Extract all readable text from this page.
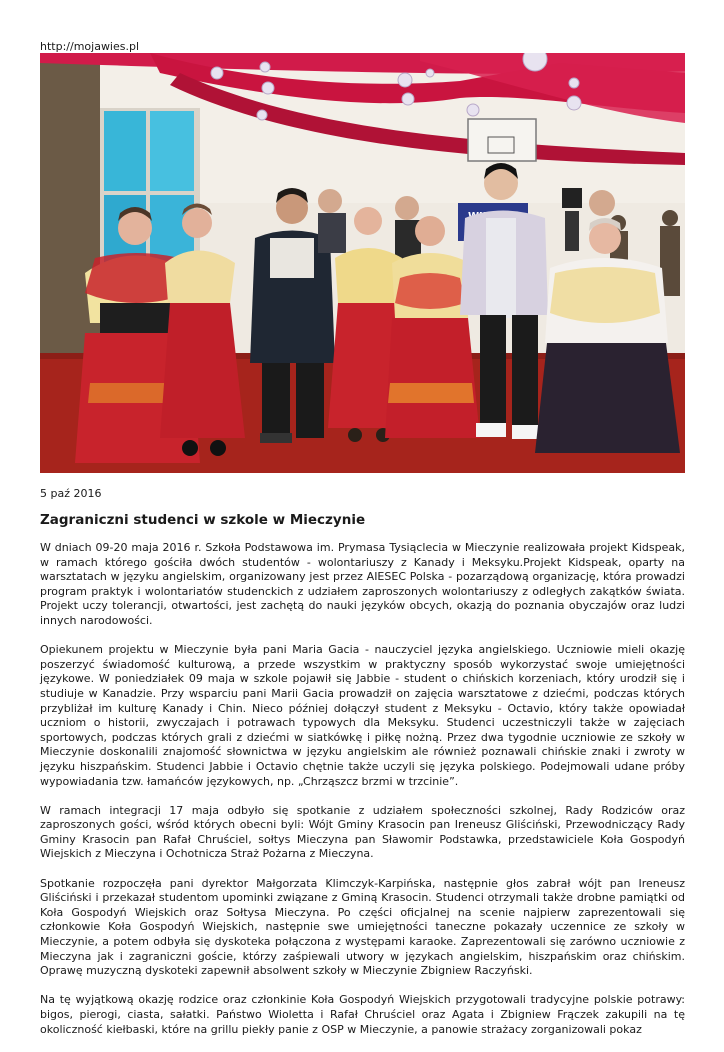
http://mojawies.pl
5 paź 2016
Zagraniczni studenci w szkole w Mieczynie

W dniach 09-20 maja 2016 r. Szkoła Podstawowa im. Prymasa Tysiąclecia w Mieczynie realizowała projekt Kidspeak, w ramach którego gościła dwóch studentów - wolontariuszy z Kanady i Meksyku.Projekt Kidspeak, oparty na warsztatach w języku angielskim, organizowany jest przez AIESEC Polska - pozarządową organizację, która prowadzi program praktyk i wolontariatów studenckich z udziałem zaproszonych wolontariuszy z odległych zakątków świata. Projekt uczy tolerancji, otwartości, jest zachętą do nauki języków obcych, okazją do poznania obyczajów oraz ludzi innych narodowości.

Opiekunem projektu w Mieczynie była pani Maria Gacia - nauczyciel języka angielskiego. Uczniowie mieli okazję poszerzyć świadomość kulturową, a przede wszystkim w praktyczny sposób wykorzystać swoje umiejętności językowe. W poniedziałek 09 maja w szkole pojawił się Jabbie - student o chińskich korzeniach, który urodził się i studiuje w Kanadzie. Przy wsparciu pani Marii Gacia prowadził on zajęcia warsztatowe z dziećmi, podczas których przybliżał im kulturę Kanady i Chin. Nieco później dołączył student z Meksyku - Octavio, który także opowiadał uczniom o historii, zwyczajach i potrawach typowych dla Meksyku. Studenci uczestniczyli także w zajęciach sportowych, podczas których grali z dziećmi w siatkówkę i piłkę nożną. Przez dwa tygodnie uczniowie ze szkoły w Mieczynie doskonalili znajomość słownictwa w języku angielskim ale również poznawali chińskie znaki i zwroty w języku hiszpańskim. Studenci Jabbie i Octavio chętnie także uczyli się języka polskiego. Podejmowali udane próby wypowiadania tzw. łamańców językowych, np. „Chrząszcz brzmi w trzcinie”.

W ramach integracji 17 maja odbyło się spotkanie z udziałem społeczności szkolnej, Rady Rodziców oraz zaproszonych gości, wśród których obecni byli: Wójt Gminy Krasocin pan Ireneusz Gliściński, Przewodniczący Rady Gminy Krasocin pan Rafał Chruściel, sołtys Mieczyna pan Sławomir Podstawka, przedstawiciele Koła Gospodyń Wiejskich z Mieczyna i Ochotnicza Straż Pożarna z Mieczyna.

Spotkanie rozpoczęła pani dyrektor Małgorzata Klimczyk-Karpińska, następnie głos zabrał wójt pan Ireneusz Gliściński i przekazał studentom upominki związane z Gminą Krasocin. Studenci otrzymali także drobne pamiątki od Koła Gospodyń Wiejskich oraz Sołtysa Mieczyna. Po części oficjalnej na scenie najpierw zaprezentowali się członkowie Koła Gospodyń Wiejskich, następnie swe umiejętności taneczne pokazały uczennice ze szkoły w Mieczynie, a potem odbyła się dyskoteka połączona z występami karaoke. Zaprezentowali się zarówno uczniowie z Mieczyna jak i zagraniczni goście, którzy zaśpiewali utwory w językach angielskim, hiszpańskim oraz chińskim. Oprawę muzyczną dyskoteki zapewnił absolwent szkoły w Mieczynie Zbigniew Raczyński.

Na tę wyjątkową okazję rodzice oraz członkinie Koła Gospodyń Wiejskich przygotowali tradycyjne polskie potrawy: bigos, pierogi, ciasta, sałatki. Państwo Wioletta i Rafał Chruściel oraz Agata i Zbigniew Frączek zakupili na tę okoliczność kiełbaski, które na grillu piekły panie z OSP w Mieczynie, a panowie strażacy zorganizowali pokaz
